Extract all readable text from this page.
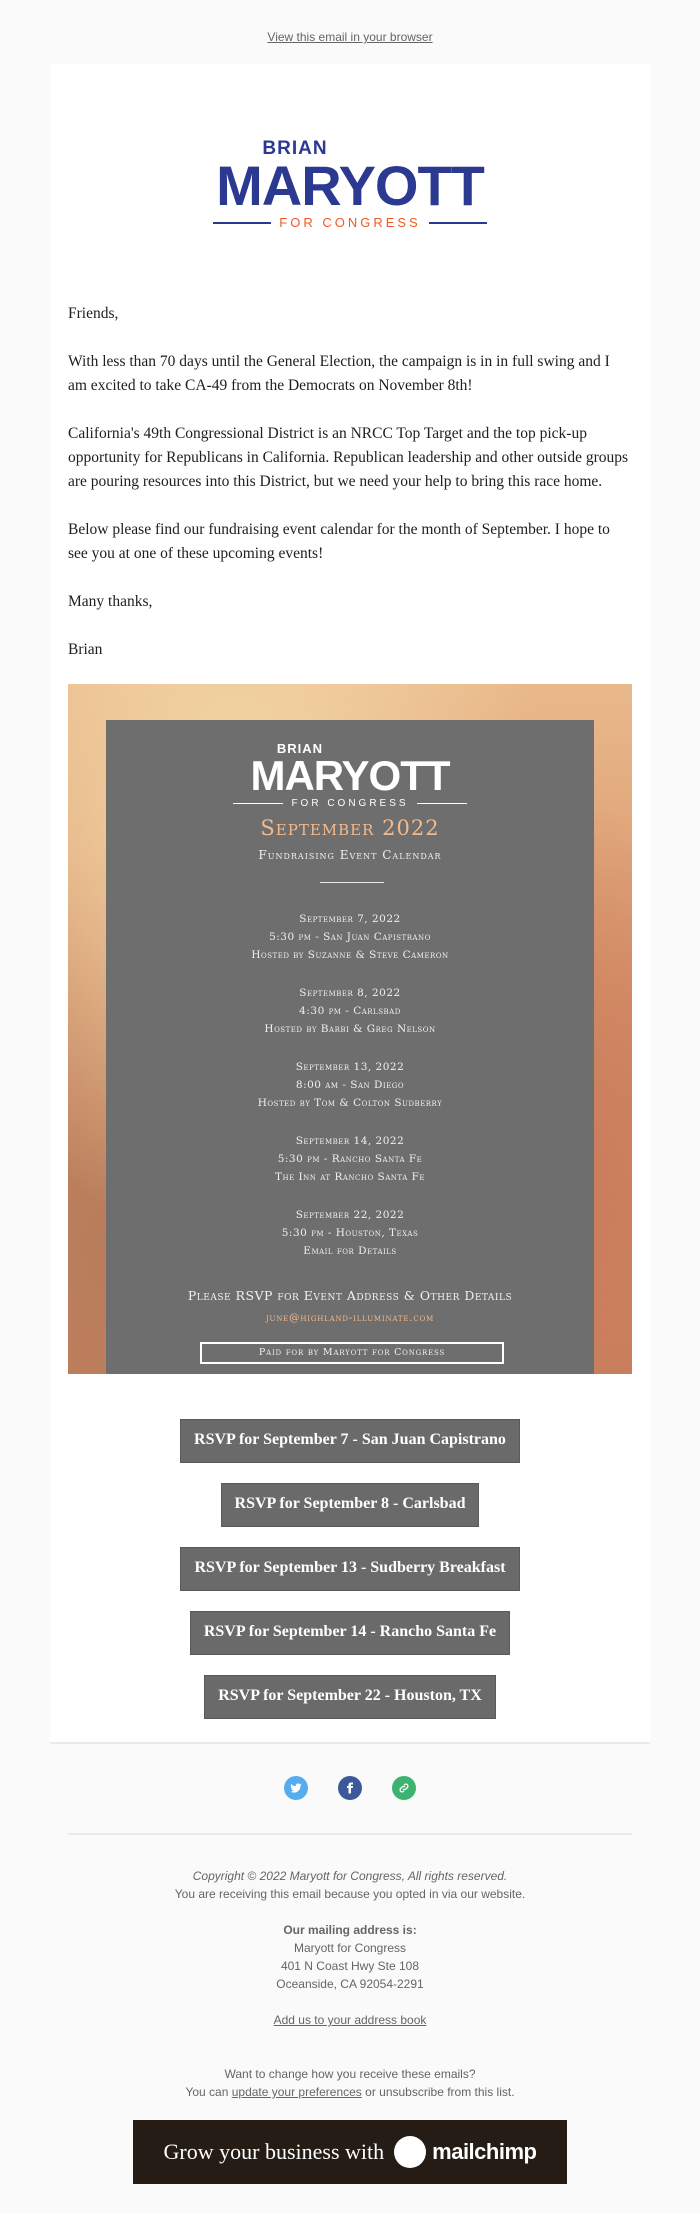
View this email in your browser
BRIAN
MARYOTT
FOR CONGRESS

Friends,

With less than 70 days until the General Election, the campaign is in in full swing and I am excited to take CA-49 from the Democrats on November 8th!

California's 49th Congressional District is an NRCC Top Target and the top pick-up opportunity for Republicans in California. Republican leadership and other outside groups are pouring resources into this District, but we need your help to bring this race home.

Below please find our fundraising event calendar for the month of September. I hope to see you at one of these upcoming events!

Many thanks,

Brian

BRIAN
MARYOTT
FOR CONGRESS
September 2022
Fundraising Event Calendar
September 7, 2022
5:30 pm - San Juan Capistrano
Hosted by Suzanne & Steve Cameron
September 8, 2022
4:30 pm - Carlsbad
Hosted by Barbi & Greg Nelson
September 13, 2022
8:00 am - San Diego
Hosted by Tom & Colton Sudberry
September 14, 2022
5:30 pm - Rancho Santa Fe
The Inn at Rancho Santa Fe
September 22, 2022
5:30 pm - Houston, Texas
Email for Details
Please RSVP for Event Address & Other Details
june@highland-illuminate.com
Paid for by Maryott for Congress
RSVP for September 7 - San Juan Capistrano
RSVP for September 8 - Carlsbad
RSVP for September 13 - Sudberry Breakfast
RSVP for September 14 - Rancho Santa Fe
RSVP for September 22 - Houston, TX
Copyright © 2022 Maryott for Congress, All rights reserved.
You are receiving this email because you opted in via our website.
Our mailing address is:
Maryott for Congress
401 N Coast Hwy Ste 108
Oceanside, CA 92054-2291
Add us to your address book
Want to change how you receive these emails?
You can update your preferences or unsubscribe from this list.
Grow your business with mailchimp
